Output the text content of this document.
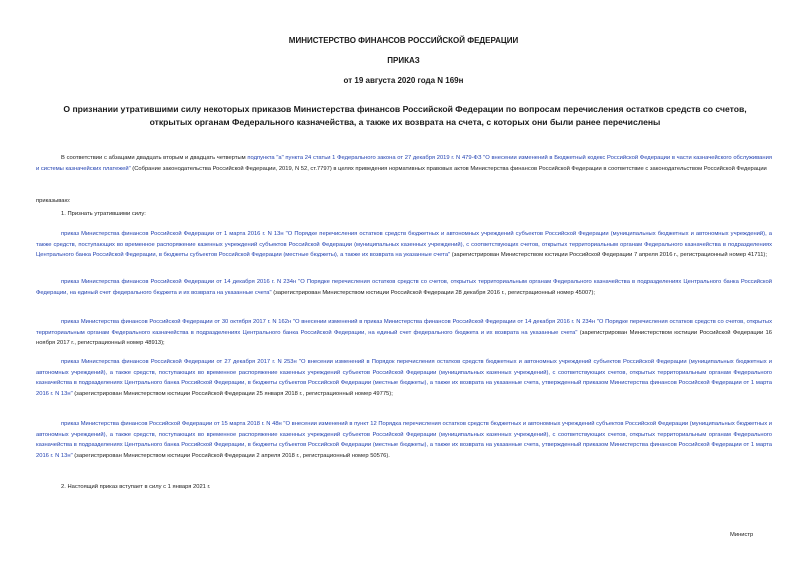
МИНИСТЕРСТВО ФИНАНСОВ РОССИЙСКОЙ ФЕДЕРАЦИИ
ПРИКАЗ
от 19 августа 2020 года N 169н
О признании утратившими силу некоторых приказов Министерства финансов Российской Федерации по вопросам перечисления остатков средств со счетов, открытых органам Федерального казначейства, а также их возврата на счета, с которых они были ранее перечислены
В соответствии с абзацами двадцать вторым и двадцать четвертым подпункта "а" пункта 24 статьи 1 Федерального закона от 27 декабря 2019 г. N 479-ФЗ "О внесении изменений в Бюджетный кодекс Российской Федерации в части казначейского обслуживания и системы казначейских платежей" (Собрание законодательства Российской Федерации, 2019, N 52, ст.7797) в целях приведения нормативных правовых актов Министерства финансов Российской Федерации в соответствие с законодательством Российской Федерации
приказываю:
1. Признать утратившими силу:
приказ Министерства финансов Российской Федерации от 1 марта 2016 г. N 13н "О Порядке перечисления остатков средств бюджетных и автономных учреждений субъектов Российской Федерации (муниципальных бюджетных и автономных учреждений), а также средств, поступающих во временное распоряжение казенных учреждений субъектов Российской Федерации (муниципальных казенных учреждений), с соответствующих счетов, открытых территориальным органам Федерального казначейства в подразделениях Центрального банка Российской Федерации, в бюджеты субъектов Российской Федерации (местные бюджеты), а также их возврата на указанные счета" (зарегистрирован Министерством юстиции Российской Федерации 7 апреля 2016 г., регистрационный номер 41711);
приказ Министерства финансов Российской Федерации от 14 декабря 2016 г. N 234н "О Порядке перечисления остатков средств со счетов, открытых территориальным органам Федерального казначейства в подразделениях Центрального банка Российской Федерации, на единый счет федерального бюджета и их возврата на указанные счета" (зарегистрирован Министерством юстиции Российской Федерации 28 декабря 2016 г., регистрационный номер 45007);
приказ Министерства финансов Российской Федерации от 30 октября 2017 г. N 162н "О внесении изменений в приказ Министерства финансов Российской Федерации от 14 декабря 2016 г. N 234н "О Порядке перечисления остатков средств со счетов, открытых территориальным органам Федерального казначейства в подразделениях Центрального банка Российской Федерации, на единый счет федерального бюджета и их возврата на указанные счета" (зарегистрирован Министерством юстиции Российской Федерации 16 ноября 2017 г., регистрационный номер 48913);
приказ Министерства финансов Российской Федерации от 27 декабря 2017 г. N 253н "О внесении изменений в Порядок перечисления остатков средств бюджетных и автономных учреждений субъектов Российской Федерации (муниципальных бюджетных и автономных учреждений), а также средств, поступающих во временное распоряжение казенных учреждений субъектов Российской Федерации (муниципальных казенных учреждений), с соответствующих счетов, открытых территориальным органам Федерального казначейства в подразделениях Центрального банка Российской Федерации, в бюджеты субъектов Российской Федерации (местные бюджеты), а также их возврата на указанные счета, утвержденный приказом Министерства финансов Российской Федерации от 1 марта 2016 г. N 13н" (зарегистрирован Министерством юстиции Российской Федерации 25 января 2018 г., регистрационный номер 49775);
приказ Министерства финансов Российской Федерации от 15 марта 2018 г. N 48н "О внесении изменений в пункт 12 Порядка перечисления остатков средств бюджетных и автономных учреждений субъектов Российской Федерации (муниципальных бюджетных и автономных учреждений), а также средств, поступающих во временное распоряжение казенных учреждений субъектов Российской Федерации (муниципальных казенных учреждений), с соответствующих счетов, открытых территориальным органам Федерального казначейства в подразделениях Центрального банка Российской Федерации, в бюджеты субъектов Российской Федерации (местные бюджеты), а также их возврата на указанные счета, утвержденный приказом Министерства финансов Российской Федерации от 1 марта 2016 г. N 13н" (зарегистрирован Министерством юстиции Российской Федерации 2 апреля 2018 г., регистрационный номер 50576).
2. Настоящий приказ вступает в силу с 1 января 2021 г.
Министр
